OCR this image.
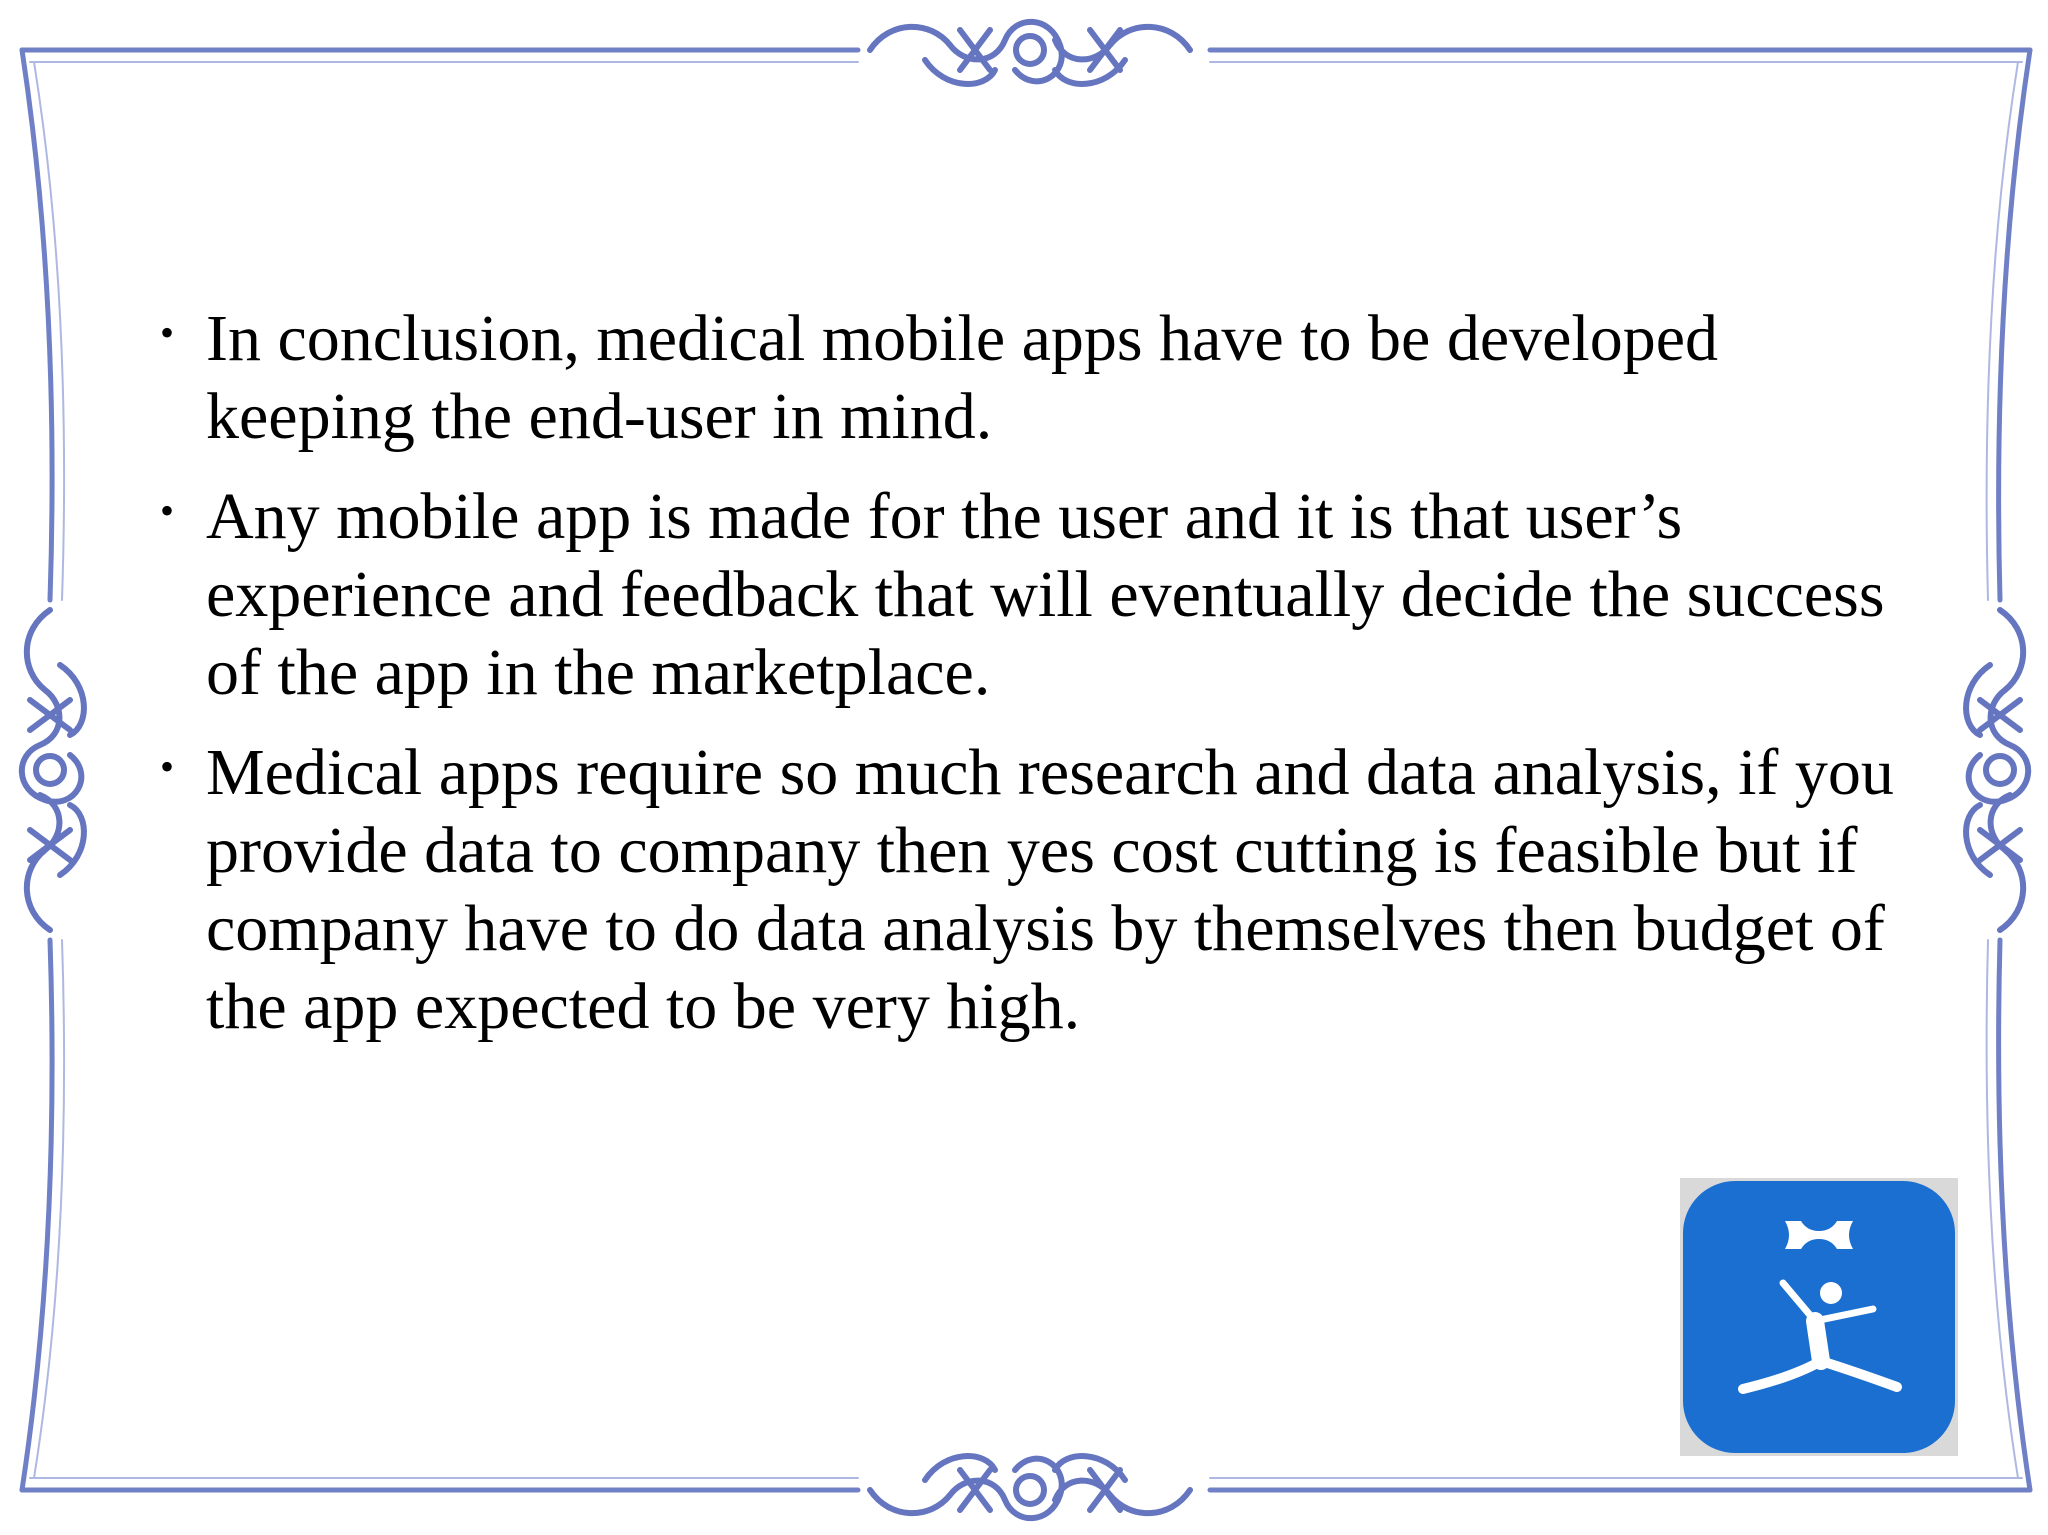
• In conclusion, medical mobile apps have to be developed keeping the end-user in mind.
• Any mobile app is made for the user and it is that user’s experience and feedback that will eventually decide the success of the app in the marketplace.
• Medical apps require so much research and data analysis, if you provide data to company then yes cost cutting is feasible but if company have to do data analysis by themselves then budget of the app expected to be very high.
